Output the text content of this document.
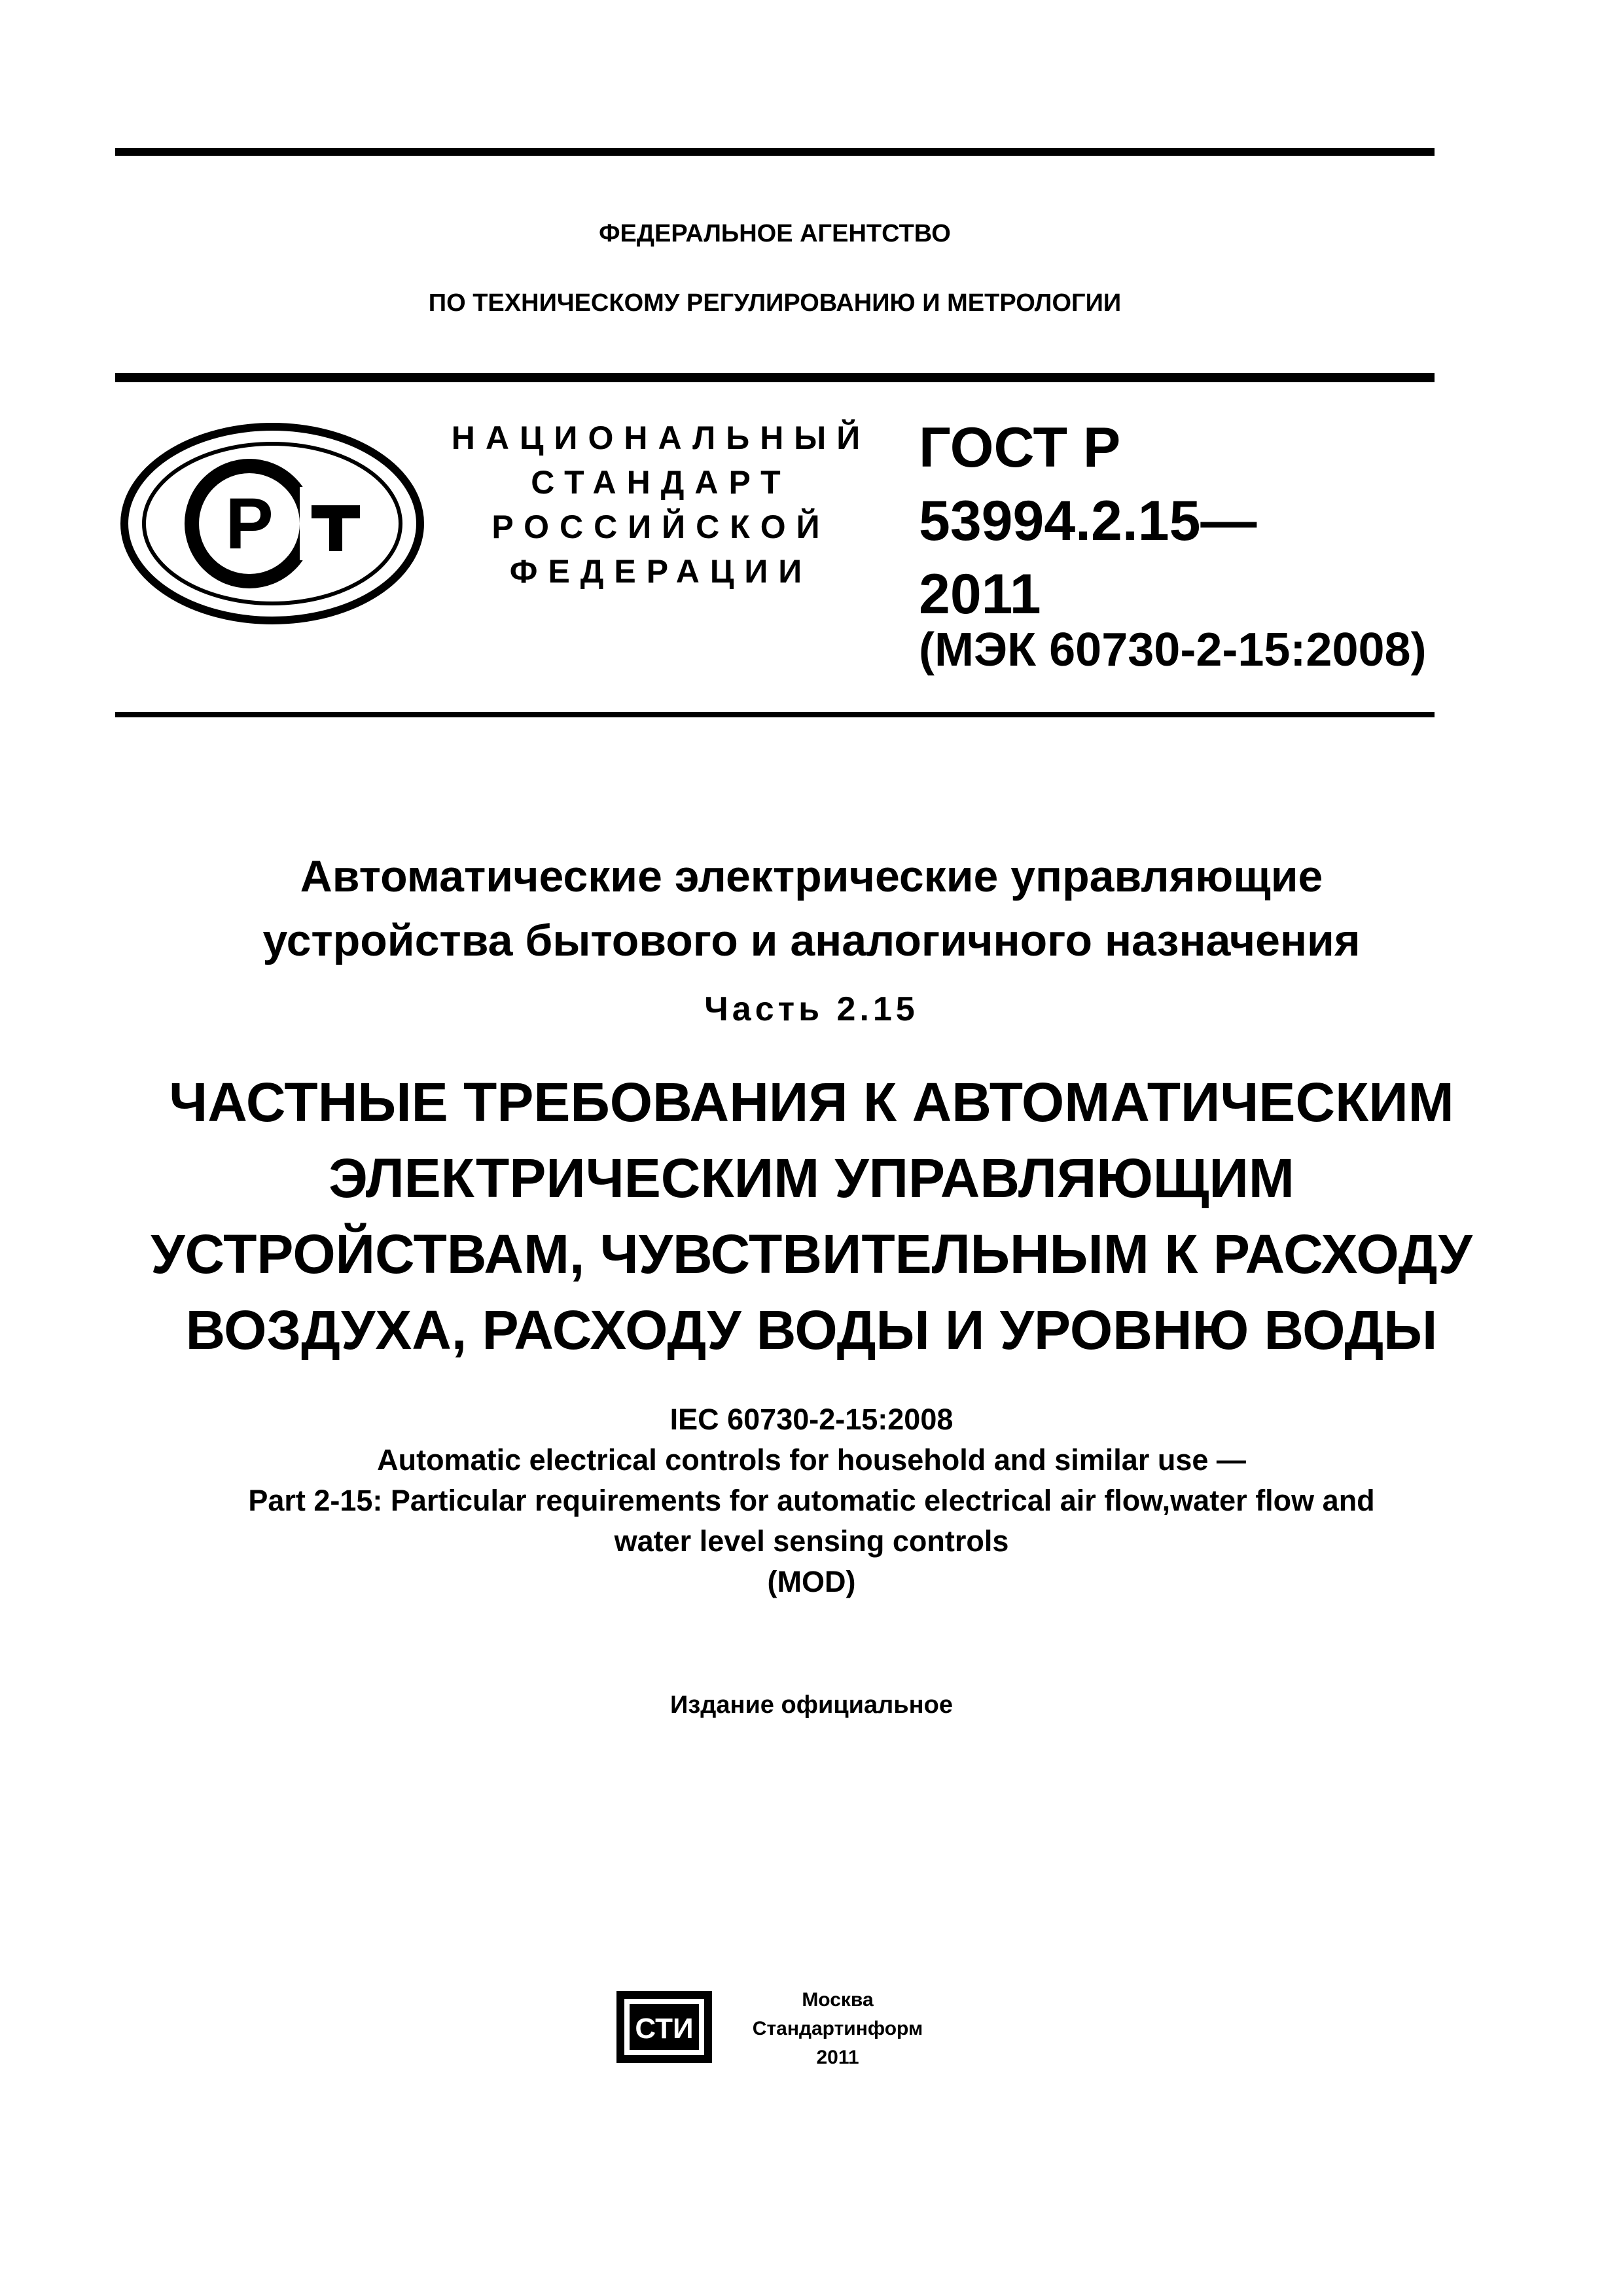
ФЕДЕРАЛЬНОЕ АГЕНТСТВО
ПО ТЕХНИЧЕСКОМУ РЕГУЛИРОВАНИЮ И МЕТРОЛОГИИ
Р
НАЦИОНАЛЬНЫЙ
СТАНДАРТ
РОССИЙСКОЙ
ФЕДЕРАЦИИ
ГОСТ Р
53994.2.15—
2011
(МЭК 60730-2-15:2008)
Автоматические электрические управляющие
устройства бытового и аналогичного назначения
Часть 2.15
ЧАСТНЫЕ ТРЕБОВАНИЯ К АВТОМАТИЧЕСКИМ
ЭЛЕКТРИЧЕСКИМ УПРАВЛЯЮЩИМ
УСТРОЙСТВАМ, ЧУВСТВИТЕЛЬНЫМ К РАСХОДУ
ВОЗДУХА, РАСХОДУ ВОДЫ И УРОВНЮ ВОДЫ
IEC 60730-2-15:2008
Automatic electrical controls for household and similar use —
Part 2-15: Particular requirements for automatic electrical air flow,water flow and
water level sensing controls
(MOD)
Издание официальное
СТИ
Москва
Стандартинформ
2011
